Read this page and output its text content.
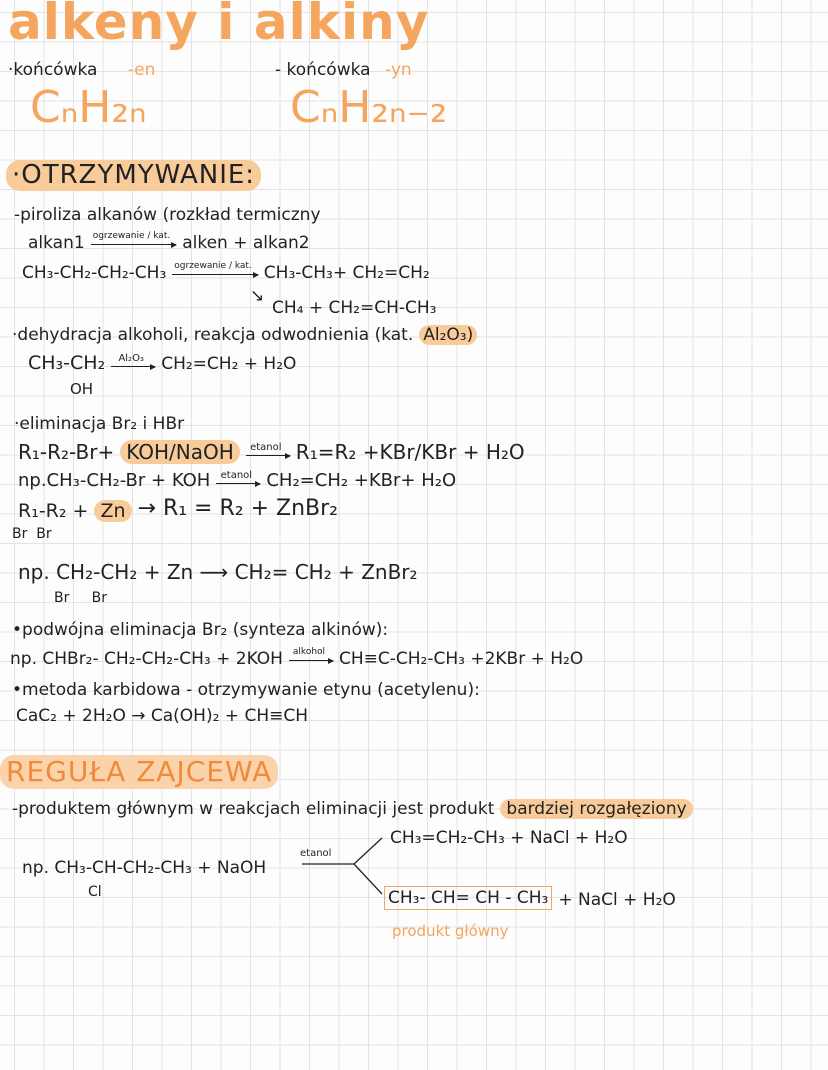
alkeny i alkiny
·końcówka -en
CₙH₂ₙ
- końcówka -yn
CₙH₂ₙ₋₂
·OTRZYMYWANIE:
-piroliza alkanów (rozkład termiczny
alkan1 ogrzewanie / kat. alken + alkan2
CH₃-CH₂-CH₂-CH₃ ogrzewanie / kat. CH₃-CH₃+ CH₂=CH₂
↘
CH₄ + CH₂=CH-CH₃
·dehydracja alkoholi, reakcja odwodnienia (kat. Al₂O₃)
CH₃-CH₂	Al₂O₃	CH₂=CH₂ + H₂O
OH
·eliminacja Br₂ i HBr
R₁-R₂-Br+ KOH/NaOH	etanol R₁=R₂ +KBr/KBr + H₂O
np.CH₃-CH₂-Br + KOH	etanol CH₂=CH₂ +KBr+ H₂O
R₁-R₂ + Zn → R₁ = R₂ + ZnBr₂
Br  Br
np. CH₂-CH₂ + Zn ⟶ CH₂= CH₂ + ZnBr₂
Br     Br
•podwójna eliminacja Br₂ (synteza alkinów):
np. CHBr₂- CH₂-CH₂-CH₃ + 2KOH	alkohol CH≡C-CH₂-CH₃ +2KBr + H₂O
•metoda karbidowa - otrzymywanie etynu (acetylenu):
CaC₂ + 2H₂O → Ca(OH)₂ + CH≡CH
REGUŁA ZAJCEWA
-produktem głównym w reakcjach eliminacji jest produkt bardziej rozgałęziony
np. CH₃-CH-CH₂-CH₃ + NaOH
Cl
etanol
CH₃=CH₂-CH₃ + NaCl + H₂O
CH₃- CH= CH - CH₃ + NaCl + H₂O
produkt główny
